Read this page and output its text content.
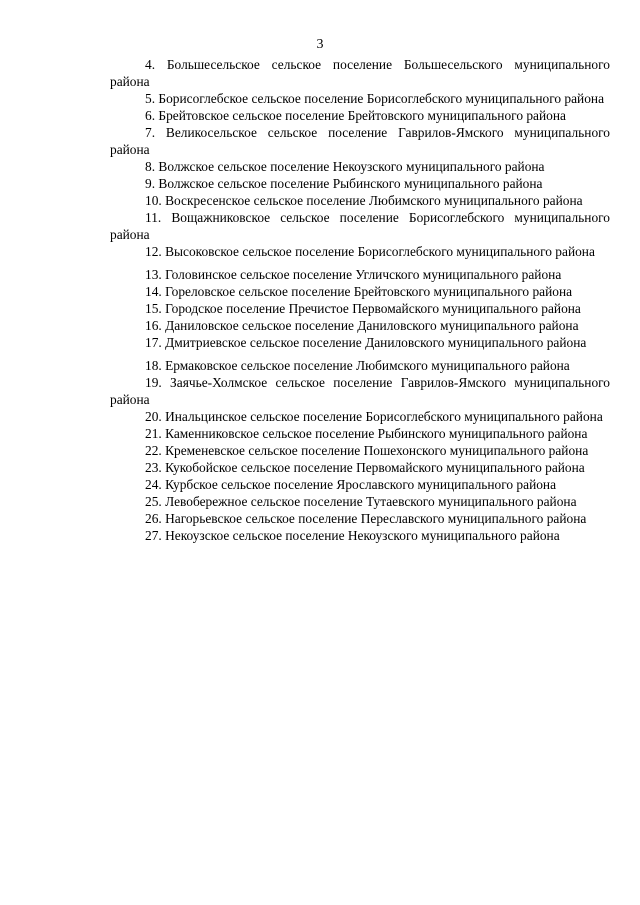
3

4. Большесельское сельское поселение Большесельского муниципального района

5. Борисоглебское сельское поселение Борисоглебского муниципального района

6. Брейтовское сельское поселение Брейтовского муниципального района

7. Великосельское сельское поселение Гаврилов-Ямского муниципального района

8. Волжское сельское поселение Некоузского муниципального района

9. Волжское сельское поселение Рыбинского муниципального района

10. Воскресенское сельское поселение Любимского муниципального района

11. Вощажниковское сельское поселение Борисоглебского муниципального района

12. Высоковское сельское поселение Борисоглебского муниципального района

13. Головинское сельское поселение Угличского муниципального района

14. Гореловское сельское поселение Брейтовского муниципального района

15. Городское поселение Пречистое Первомайского муниципального района

16. Даниловское сельское поселение Даниловского муниципального района

17. Дмитриевское сельское поселение Даниловского муниципального района

18. Ермаковское сельское поселение Любимского муниципального района

19. Заячье-Холмское сельское поселение Гаврилов-Ямского муниципального района

20. Инальцинское сельское поселение Борисоглебского муниципального района

21. Каменниковское сельское поселение Рыбинского муниципального района

22. Кременевское сельское поселение Пошехонского муниципального района

23. Кукобойское сельское поселение Первомайского муниципального района

24. Курбское сельское поселение Ярославского муниципального района

25. Левобережное сельское поселение Тутаевского муниципального района

26. Нагорьевское сельское поселение Переславского муниципального района

27. Некоузское сельское поселение Некоузского муниципального района
